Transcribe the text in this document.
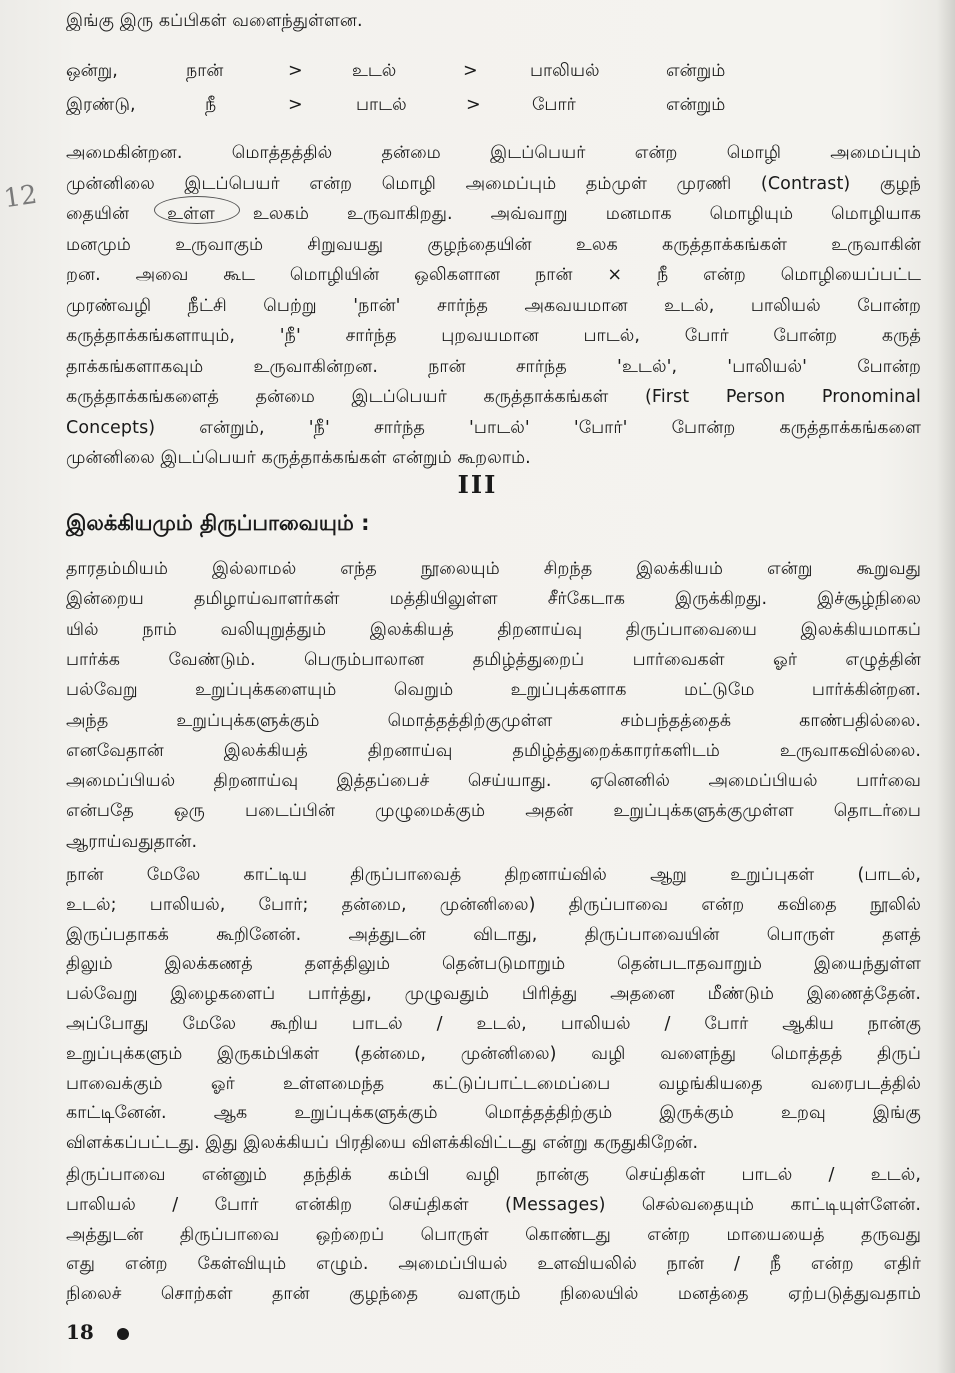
12
இங்கு இரு கப்பிகள் வளைந்துள்ளன.
ஒன்று,	நான்	>	உடல்	>	பாலியல்	என்றும்
இரண்டு,	நீ	>	பாடல்	>	போர்	என்றும்
அமைகின்றன. மொத்தத்தில் தன்மை இடப்பெயர் என்ற மொழி அமைப்பும்
முன்னிலை இடப்பெயர் என்ற மொழி அமைப்பும் தம்முள் முரணி (Contrast) குழந்
தையின் உள்ள உலகம் உருவாகிறது. அவ்வாறு மனமாக மொழியும் மொழியாக
மனமும் உருவாகும் சிறுவயது குழந்தையின் உலக கருத்தாக்கங்கள் உருவாகின்
றன. அவை கூட மொழியின் ஒலிகளான நான் × நீ என்ற மொழியைப்பட்ட
முரண்வழி நீட்சி பெற்று 'நான்' சார்ந்த அகவயமான உடல், பாலியல் போன்ற
கருத்தாக்கங்களாயும், 'நீ' சார்ந்த புறவயமான பாடல், போர் போன்ற கருத்
தாக்கங்களாகவும் உருவாகின்றன. நான் சார்ந்த 'உடல்', 'பாலியல்' போன்ற
கருத்தாக்கங்களைத் தன்மை இடப்பெயர் கருத்தாக்கங்கள் (First Person Pronominal
Concepts) என்றும், 'நீ' சார்ந்த 'பாடல்' 'போர்' போன்ற கருத்தாக்கங்களை
முன்னிலை இடப்பெயர் கருத்தாக்கங்கள் என்றும் கூறலாம்.
III
இலக்கியமும் திருப்பாவையும் :
தாரதம்மியம் இல்லாமல் எந்த நூலையும் சிறந்த இலக்கியம் என்று கூறுவது
இன்றைய தமிழாய்வாளர்கள் மத்தியிலுள்ள சீர்கேடாக இருக்கிறது. இச்சூழ்நிலை
யில் நாம் வலியுறுத்தும் இலக்கியத் திறனாய்வு திருப்பாவையை இலக்கியமாகப்
பார்க்க வேண்டும். பெரும்பாலான தமிழ்த்துறைப் பார்வைகள் ஓர் எழுத்தின்
பல்வேறு உறுப்புக்களையும் வெறும் உறுப்புக்களாக மட்டுமே பார்க்கின்றன.
அந்த உறுப்புக்களுக்கும் மொத்தத்திற்குமுள்ள சம்பந்தத்தைக் காண்பதில்லை.
எனவேதான் இலக்கியத் திறனாய்வு தமிழ்த்துறைக்காரர்களிடம் உருவாகவில்லை.
அமைப்பியல் திறனாய்வு இத்தப்பைச் செய்யாது. ஏனெனில் அமைப்பியல் பார்வை
என்பதே ஒரு படைப்பின் முழுமைக்கும் அதன் உறுப்புக்களுக்குமுள்ள தொடர்பை
ஆராய்வதுதான்.
நான் மேலே காட்டிய திருப்பாவைத் திறனாய்வில் ஆறு உறுப்புகள் (பாடல்,
உடல்; பாலியல், போர்; தன்மை, முன்னிலை) திருப்பாவை என்ற கவிதை நூலில்
இருப்பதாகக் கூறினேன். அத்துடன் விடாது, திருப்பாவையின் பொருள் தளத்
திலும் இலக்கணத் தளத்திலும் தென்படுமாறும் தென்படாதவாறும் இயைந்துள்ள
பல்வேறு இழைகளைப் பார்த்து, முழுவதும் பிரித்து அதனை மீண்டும் இணைத்தேன்.
அப்போது மேலே கூறிய பாடல் / உடல், பாலியல் / போர் ஆகிய நான்கு
உறுப்புக்களும் இருகம்பிகள் (தன்மை, முன்னிலை) வழி வளைந்து மொத்தத் திருப்
பாவைக்கும் ஓர் உள்ளமைந்த கட்டுப்பாட்டமைப்பை வழங்கியதை வரைபடத்தில்
காட்டினேன். ஆக உறுப்புக்களுக்கும் மொத்தத்திற்கும் இருக்கும் உறவு இங்கு
விளக்கப்பட்டது. இது இலக்கியப் பிரதியை விளக்கிவிட்டது என்று கருதுகிறேன்.
திருப்பாவை என்னும் தந்திக் கம்பி வழி நான்கு செய்திகள் பாடல் / உடல்,
பாலியல் / போர் என்கிற செய்திகள் (Messages) செல்வதையும் காட்டியுள்ளேன்.
அத்துடன் திருப்பாவை ஒற்றைப் பொருள் கொண்டது என்ற மாயையைத் தருவது
எது என்ற கேள்வியும் எழும். அமைப்பியல் உளவியலில் நான் / நீ என்ற எதிர்
நிலைச் சொற்கள் தான் குழந்தை வளரும் நிலையில் மனத்தை ஏற்படுத்துவதாம்
18
